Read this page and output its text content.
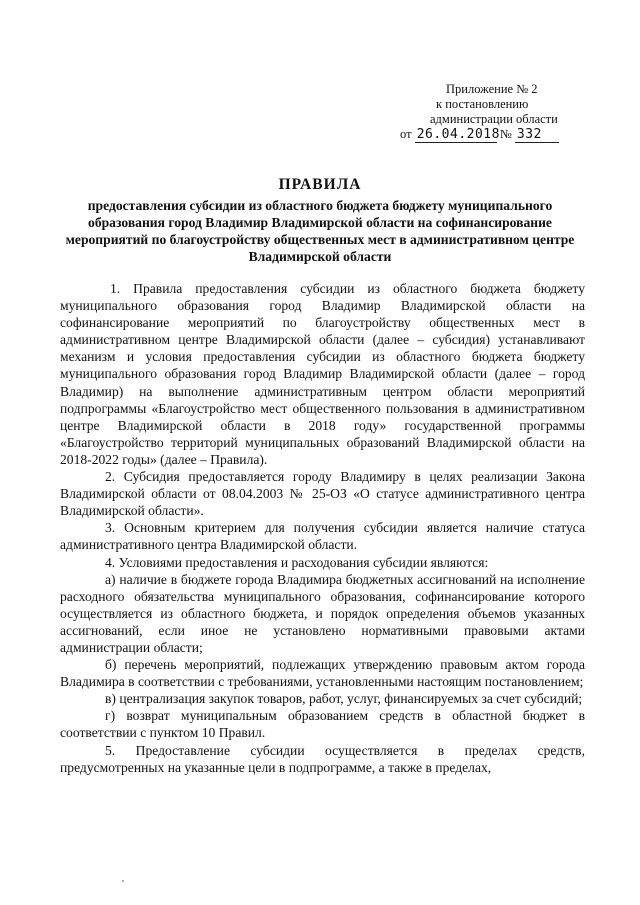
Приложение № 2
к постановлению
администрации области
от 26.04.2018 № 332
ПРАВИЛА
предоставления субсидии из областного бюджета бюджету муниципального образования город Владимир Владимирской области на софинансирование мероприятий по благоустройству общественных мест в административном центре Владимирской области

1. Правила предоставления субсидии из областного бюджета бюджету муниципального образования город Владимир Владимирской области на софинансирование мероприятий по благоустройству общественных мест в административном центре Владимирской области (далее – субсидия) устанавливают механизм и условия предоставления субсидии из областного бюджета бюджету муниципального образования город Владимир Владимирской области (далее – город Владимир) на выполнение административным центром области мероприятий подпрограммы «Благоустройство мест общественного пользования в административном центре Владимирской области в 2018 году» государственной программы «Благоустройство территорий муниципальных образований Владимирской области на 2018-2022 годы» (далее – Правила).

2. Субсидия предоставляется городу Владимиру в целях реализации Закона Владимирской области от 08.04.2003 № 25-ОЗ «О статусе административного центра Владимирской области».

3. Основным критерием для получения субсидии является наличие статуса административного центра Владимирской области.

4. Условиями предоставления и расходования субсидии являются:

а) наличие в бюджете города Владимира бюджетных ассигнований на исполнение расходного обязательства муниципального образования, софинансирование которого осуществляется из областного бюджета, и порядок определения объемов указанных ассигнований, если иное не установлено нормативными правовыми актами администрации области;

б) перечень мероприятий, подлежащих утверждению правовым актом города Владимира в соответствии с требованиями, установленными настоящим постановлением;

в) централизация закупок товаров, работ, услуг, финансируемых за счет субсидий;

г) возврат муниципальным образованием средств в областной бюджет в соответствии с пунктом 10 Правил.

5. Предоставление субсидии осуществляется в пределах средств, предусмотренных на указанные цели в подпрограмме, а также в пределах,
